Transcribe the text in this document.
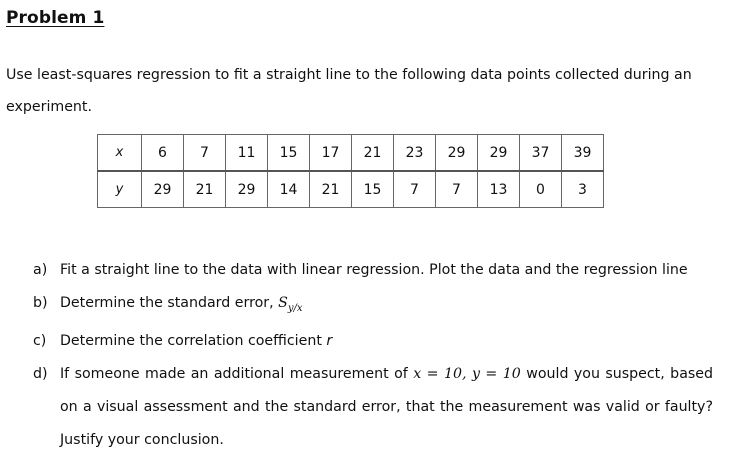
Problem 1
Use least-squares regression to fit a straight line to the following data points collected during an experiment.
x	6	7	11	15	17	21	23	29	29	37	39
y	29	21	29	14	21	15	7	7	13	0	3
a) Fit a straight line to the data with linear regression. Plot the data and the regression line
b) Determine the standard error, $S_{y/x}$
c) Determine the correlation coefficient r
d) If someone made an additional measurement of x = 10, y = 10 would you suspect, based on a visual assessment and the standard error, that the measurement was valid or faulty? Justify your conclusion.
